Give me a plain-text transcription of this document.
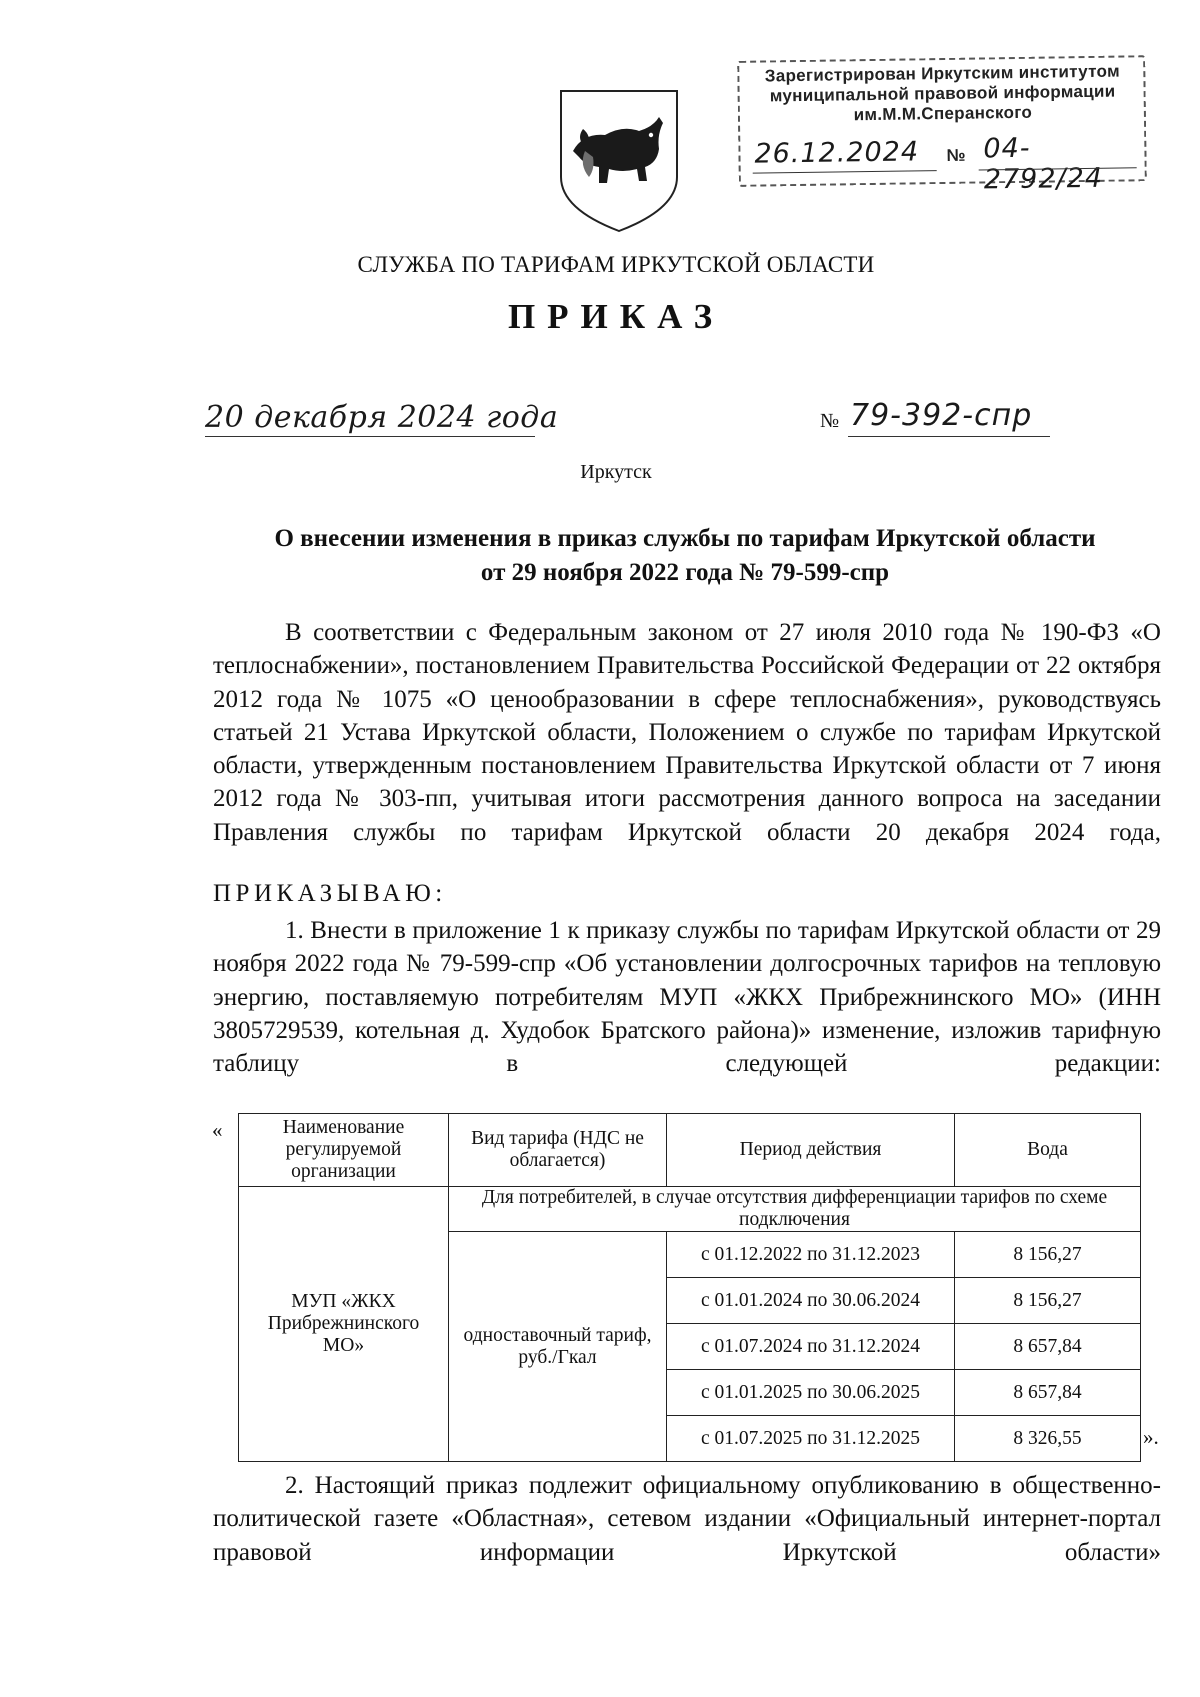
Зарегистрирован Иркутским институтом
муниципальной правовой информации
им.М.М.Сперанского
26.12.2024 № 04-2792/24
СЛУЖБА ПО ТАРИФАМ ИРКУТСКОЙ ОБЛАСТИ
ПРИКАЗ
20 декабря 2024 года	№ 79-392-спр
Иркутск
О внесении изменения в приказ службы по тарифам Иркутской области
от 29 ноября 2022 года № 79-599-спр
В соответствии с Федеральным законом от 27 июля 2010 года № 190-ФЗ «О теплоснабжении», постановлением Правительства Российской Федерации от 22 октября 2012 года № 1075 «О ценообразовании в сфере теплоснабжения», руководствуясь статьей 21 Устава Иркутской области, Положением о службе по тарифам Иркутской области, утвержденным постановлением Правительства Иркутской области от 7 июня 2012 года № 303-пп, учитывая итоги рассмотрения данного вопроса на заседании Правления службы по тарифам Иркутской области 20 декабря 2024 года,
ПРИКАЗЫВАЮ:
1. Внести в приложение 1 к приказу службы по тарифам Иркутской области от 29 ноября 2022 года № 79-599-спр «Об установлении долгосрочных тарифов на тепловую энергию, поставляемую потребителям МУП «ЖКХ Прибрежнинского МО» (ИНН 3805729539, котельная д. Худобок Братского района)» изменение, изложив тарифную таблицу в следующей редакции:
«	Наименование регулируемой организации	Вид тарифа (НДС не облагается)	Период действия	Вода
МУП «ЖКХ Прибрежнинского МО»	Для потребителей, в случае отсутствия дифференциации тарифов по схеме подключения		
	одноставочный тариф, руб./Гкал	с 01.12.2022 по 31.12.2023	8 156,27
		с 01.01.2024 по 30.06.2024	8 156,27
		с 01.07.2024 по 31.12.2024	8 657,84
		с 01.01.2025 по 30.06.2025	8 657,84
		с 01.07.2025 по 31.12.2025	8 326,55	».
2. Настоящий приказ подлежит официальному опубликованию в общественно-политической газете «Областная», сетевом издании «Официальный интернет-портал правовой информации Иркутской области»
